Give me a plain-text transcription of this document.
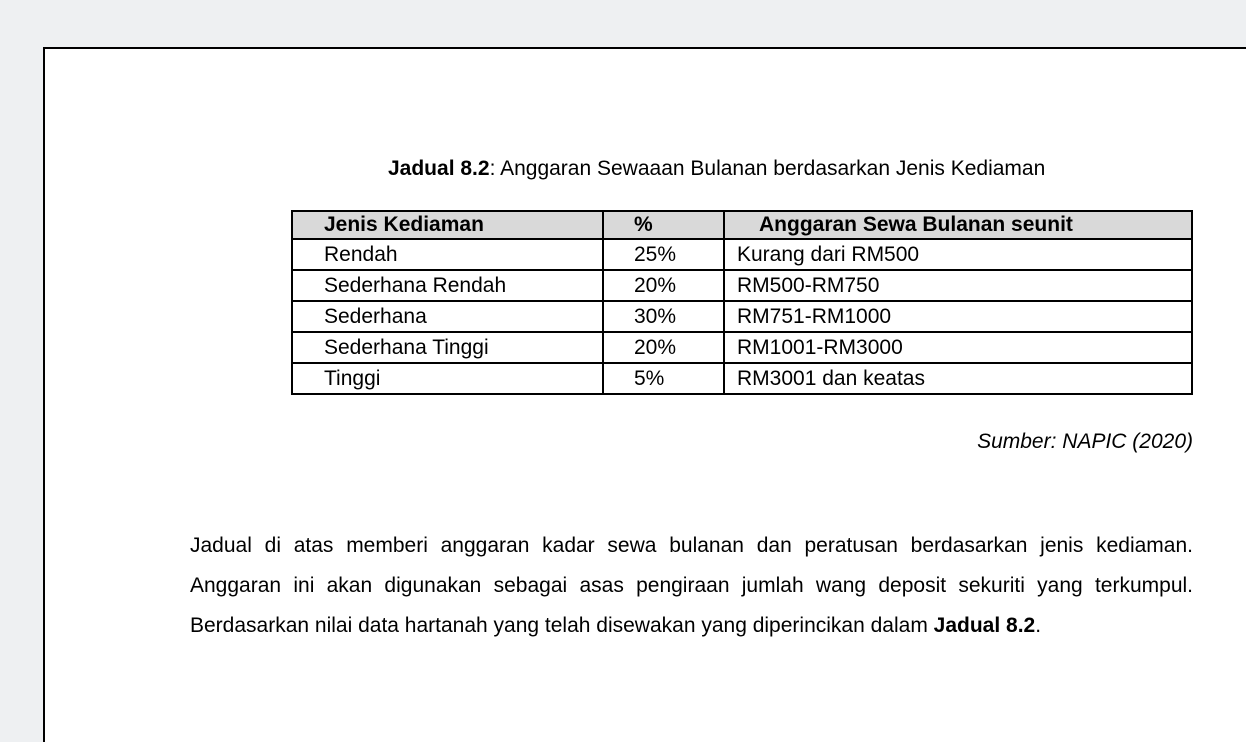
Jadual 8.2: Anggaran Sewaaan Bulanan berdasarkan Jenis Kediaman
Jenis Kediaman	%	Anggaran Sewa Bulanan seunit
Rendah	25%	Kurang dari RM500
Sederhana Rendah	20%	RM500-RM750
Sederhana	30%	RM751-RM1000
Sederhana Tinggi	20%	RM1001-RM3000
Tinggi	5%	RM3001 dan keatas
Sumber: NAPIC (2020)

Jadual di atas memberi anggaran kadar sewa bulanan dan peratusan berdasarkan jenis kediaman. Anggaran ini akan digunakan sebagai asas pengiraan jumlah wang deposit sekuriti yang terkumpul. Berdasarkan nilai data hartanah yang telah disewakan yang diperincikan dalam Jadual 8.2.
